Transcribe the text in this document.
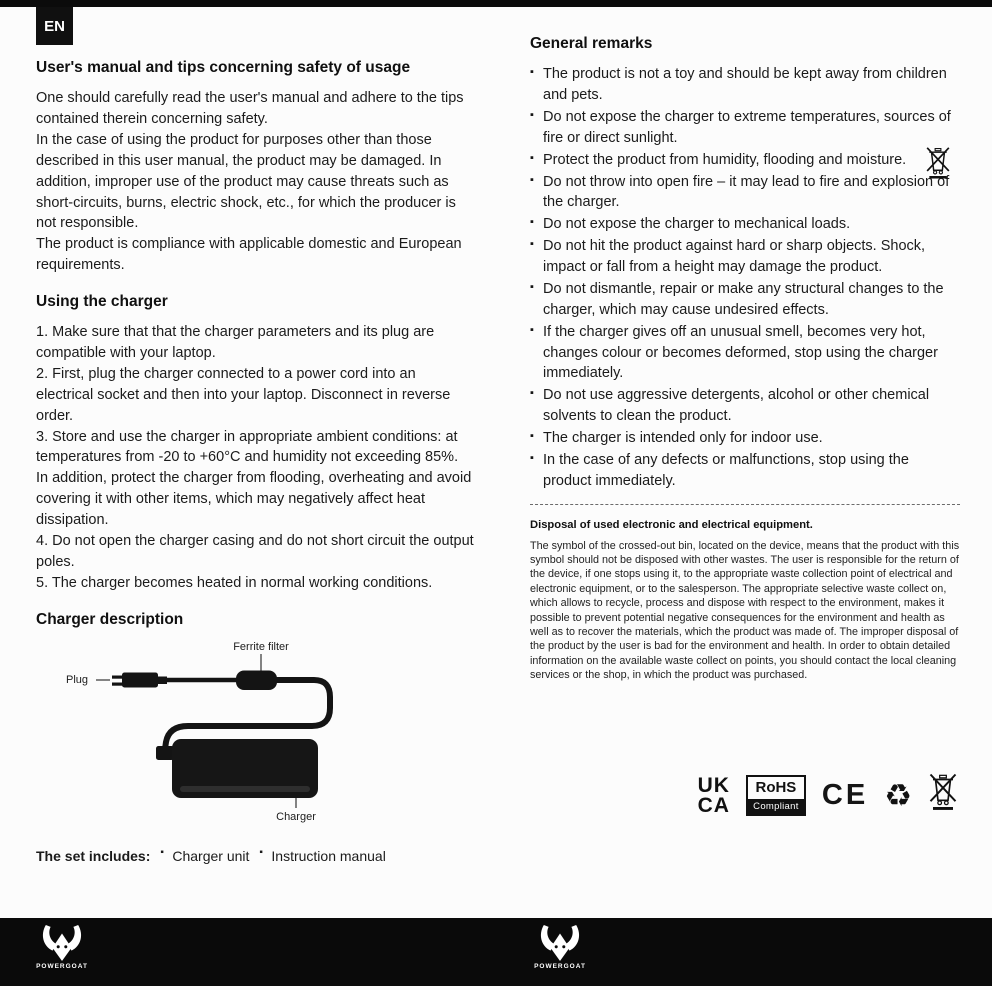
EN
User's manual and tips concerning safety of usage

One should carefully read the user's manual and adhere to the tips contained therein concerning safety.

In the case of using the product for purposes other than those described in this user manual, the product may be damaged. In addition, improper use of the product may cause threats such as short-circuits, burns, electric shock, etc., for which the producer is not responsible.

The product is compliance with applicable domestic and European requirements.

Using the charger

1. Make sure that that the charger parameters and its plug are compatible with your laptop.

2. First, plug the charger connected to a power cord into an electrical socket and then into your laptop. Disconnect in reverse order.

3. Store and use the charger in appropriate ambient conditions: at temperatures from -20 to +60°C and humidity not exceeding 85%. In addition, protect the charger from flooding, overheating and avoid covering it with other items, which may negatively affect heat dissipation.

4. Do not open the charger casing and do not short circuit the output poles.

5. The charger becomes heated in normal working conditions.

Charger description
Ferrite filter
Plug
Charger
The set includes:	▪ Charger unit	▪ Instruction manual
General remarks
▪ The product is not a toy and should be kept away from children and pets.
▪ Do not expose the charger to extreme temperatures, sources of fire or direct sunlight.
▪ Protect the product from humidity, flooding and moisture.
▪ Do not throw into open fire – it may lead to fire and explosion of the charger.
▪ Do not expose the charger to mechanical loads.
▪ Do not hit the product against hard or sharp objects. Shock, impact or fall from a height may damage the product.
▪ Do not dismantle, repair or make any structural changes to the charger, which may cause undesired effects.
▪ If the charger gives off an unusual smell, becomes very hot, changes colour or becomes deformed, stop using the charger immediately.
▪ Do not use aggressive detergents, alcohol or other chemical solvents to clean the product.
▪ The charger is intended only for indoor use.
▪ In the case of any defects or malfunctions, stop using the product immediately.
Disposal of used electronic and electrical equipment.

The symbol of the crossed-out bin, located on the device, means that the product with this symbol should not be disposed with other wastes. The user is responsible for the return of the device, if one stops using it, to the appropriate waste collection point of electrical and electronic equipment, or to the salesperson. The appropriate selective waste collect on, which allows to recycle, process and dispose with respect to the environment, makes it possible to prevent potential negative consequences for the environment and health as well as to recover the materials, which the product was made of. The improper disposal of the product by the user is bad for the environment and health. In order to obtain detailed information on the available waste collect on points, you should contact the local cleaning services or the shop, in which the product was purchased.

UK
CA
RoHS
Compliant CE ♻
POWERGOAT	POWERGOAT
